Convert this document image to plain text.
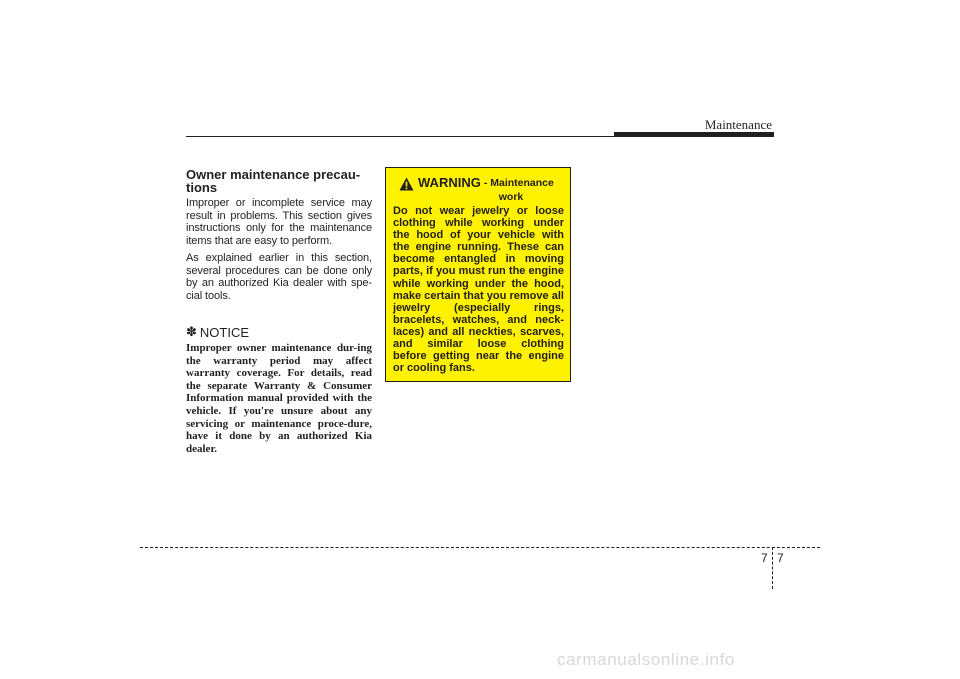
Maintenance
Owner maintenance precau-tions

Improper or incomplete service may result in problems. This section gives instructions only for the maintenance items that are easy to perform.

As explained earlier in this section, several procedures can be done only by an authorized Kia dealer with spe-cial tools.

✽ NOTICE

Improper owner maintenance dur-ing the warranty period may affect warranty coverage. For details, read the separate Warranty & Consumer Information manual provided with the vehicle. If you're unsure about any servicing or maintenance proce-dure, have it done by an authorized Kia dealer.

WARNING - Maintenance
work

Do not wear jewelry or loose clothing while working under the hood of your vehicle with the engine running. These can become entangled in moving parts, if you must run the engine while working under the hood, make certain that you remove all jewelry (especially rings, bracelets, watches, and neck-laces) and all neckties, scarves, and similar loose clothing before getting near the engine or cooling fans.

7 7
carmanualsonline.info
